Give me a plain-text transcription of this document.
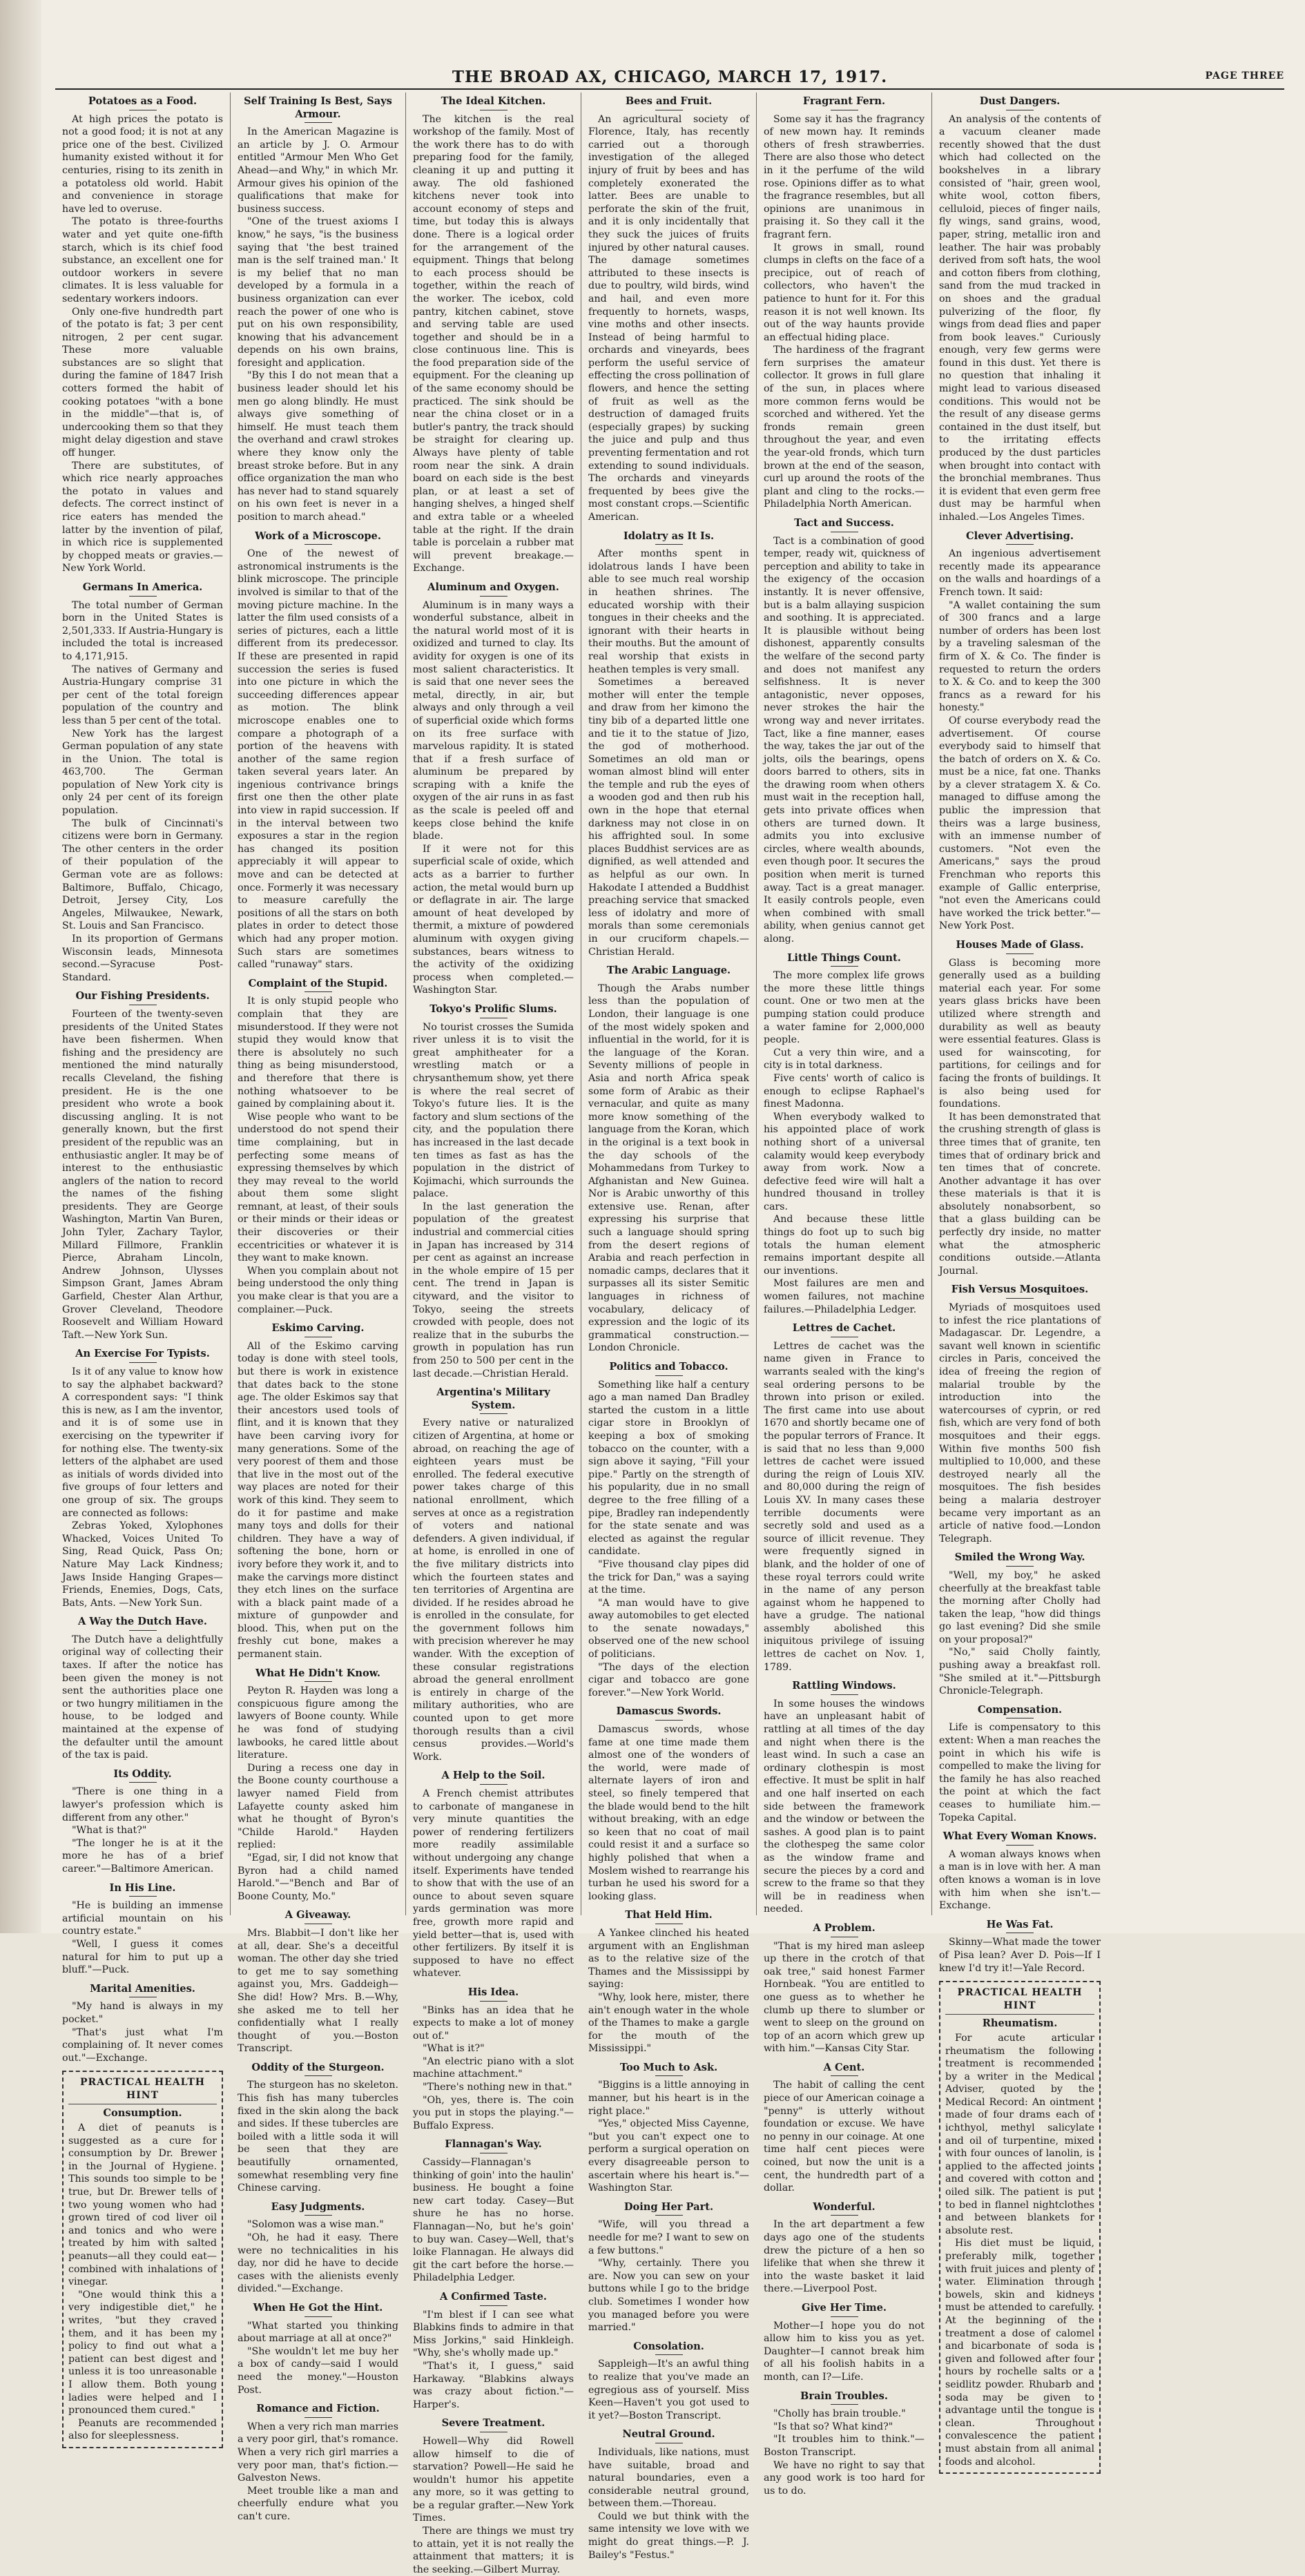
THE BROAD AX, CHICAGO, MARCH 17, 1917.	PAGE THREE
Potatoes as a Food.

At high prices the potato is not a good food; it is not at any price one of the best. Civilized humanity existed without it for centuries, rising to its zenith in a potatoless old world. Habit and convenience in storage have led to overuse.

The potato is three-fourths water and yet quite one-fifth starch, which is its chief food substance, an excellent one for outdoor workers in severe climates. It is less valuable for sedentary workers indoors.

Only one-five hundredth part of the potato is fat; 3 per cent nitrogen, 2 per cent sugar. These more valuable substances are so slight that during the famine of 1847 Irish cotters formed the habit of cooking potatoes "with a bone in the middle"—that is, of undercooking them so that they might delay digestion and stave off hunger.

There are substitutes, of which rice nearly approaches the potato in values and defects. The correct instinct of rice eaters has mended the latter by the invention of pilaf, in which rice is supplemented by chopped meats or gravies.—New York World.

Germans In America.

The total number of German born in the United States is 2,501,333. If Austria-Hungary is included the total is increased to 4,171,915.

The natives of Germany and Austria-Hungary comprise 31 per cent of the total foreign population of the country and less than 5 per cent of the total.

New York has the largest German population of any state in the Union. The total is 463,700. The German population of New York city is only 24 per cent of its foreign population.

The bulk of Cincinnati's citizens were born in Germany. The other centers in the order of their population of the German vote are as follows: Baltimore, Buffalo, Chicago, Detroit, Jersey City, Los Angeles, Milwaukee, Newark, St. Louis and San Francisco.

In its proportion of Germans Wisconsin leads, Minnesota second.—Syracuse Post-Standard.

Our Fishing Presidents.

Fourteen of the twenty-seven presidents of the United States have been fishermen. When fishing and the presidency are mentioned the mind naturally recalls Cleveland, the fishing president. He is the one president who wrote a book discussing angling. It is not generally known, but the first president of the republic was an enthusiastic angler. It may be of interest to the enthusiastic anglers of the nation to record the names of the fishing presidents. They are George Washington, Martin Van Buren, John Tyler, Zachary Taylor, Millard Fillmore, Franklin Pierce, Abraham Lincoln, Andrew Johnson, Ulysses Simpson Grant, James Abram Garfield, Chester Alan Arthur, Grover Cleveland, Theodore Roosevelt and William Howard Taft.—New York Sun.

An Exercise For Typists.

Is it of any value to know how to say the alphabet backward? A correspondent says: "I think this is new, as I am the inventor, and it is of some use in exercising on the typewriter if for nothing else. The twenty-six letters of the alphabet are used as initials of words divided into five groups of four letters and one group of six. The groups are connected as follows:

Zebras Yoked, Xylophones Whacked, Voices United To Sing, Read Quick, Pass On; Nature May Lack Kindness; Jaws Inside Hanging Grapes—Friends, Enemies, Dogs, Cats, Bats, Ants. —New York Sun.

A Way the Dutch Have.

The Dutch have a delightfully original way of collecting their taxes. If after the notice has been given the money is not sent the authorities place one or two hungry militiamen in the house, to be lodged and maintained at the expense of the defaulter until the amount of the tax is paid.

Its Oddity.

"There is one thing in a lawyer's profession which is different from any other."

"What is that?"

"The longer he is at it the more he has of a brief career."—Baltimore American.

In His Line.

"He is building an immense artificial mountain on his country estate."

"Well, I guess it comes natural for him to put up a bluff."—Puck.

Marital Amenities.

"My hand is always in my pocket."

"That's just what I'm complaining of. It never comes out."—Exchange.

PRACTICAL HEALTH HINT
Consumption.

A diet of peanuts is suggested as a cure for consumption by Dr. Brewer in the Journal of Hygiene. This sounds too simple to be true, but Dr. Brewer tells of two young women who had grown tired of cod liver oil and tonics and who were treated by him with salted peanuts—all they could eat—combined with inhalations of vinegar.

"One would think this a very indigestible diet," he writes, "but they craved them, and it has been my policy to find out what a patient can best digest and unless it is too unreasonable I allow them. Both young ladies were helped and I pronounced them cured."

Peanuts are recommended also for sleeplessness.

Self Training Is Best, Says Armour.

In the American Magazine is an article by J. O. Armour entitled "Armour Men Who Get Ahead—and Why," in which Mr. Armour gives his opinion of the qualifications that make for business success.

"One of the truest axioms I know," he says, "is the business saying that 'the best trained man is the self trained man.' It is my belief that no man developed by a formula in a business organization can ever reach the power of one who is put on his own responsibility, knowing that his advancement depends on his own brains, foresight and application.

"By this I do not mean that a business leader should let his men go along blindly. He must always give something of himself. He must teach them the overhand and crawl strokes where they know only the breast stroke before. But in any office organization the man who has never had to stand squarely on his own feet is never in a position to march ahead."

Work of a Microscope.

One of the newest of astronomical instruments is the blink microscope. The principle involved is similar to that of the moving picture machine. In the latter the film used consists of a series of pictures, each a little different from its predecessor. If these are presented in rapid succession the series is fused into one picture in which the succeeding differences appear as motion. The blink microscope enables one to compare a photograph of a portion of the heavens with another of the same region taken several years later. An ingenious contrivance brings first one then the other plate into view in rapid succession. If in the interval between two exposures a star in the region has changed its position appreciably it will appear to move and can be detected at once. Formerly it was necessary to measure carefully the positions of all the stars on both plates in order to detect those which had any proper motion. Such stars are sometimes called "runaway" stars.

Complaint of the Stupid.

It is only stupid people who complain that they are misunderstood. If they were not stupid they would know that there is absolutely no such thing as being misunderstood, and therefore that there is nothing whatsoever to be gained by complaining about it.

Wise people who want to be understood do not spend their time complaining, but in perfecting some means of expressing themselves by which they may reveal to the world about them some slight remnant, at least, of their souls or their minds or their ideas or their discoveries or their eccentricities or whatever it is they want to make known.

When you complain about not being understood the only thing you make clear is that you are a complainer.—Puck.

Eskimo Carving.

All of the Eskimo carving today is done with steel tools, but there is work in existence that dates back to the stone age. The older Eskimos say that their ancestors used tools of flint, and it is known that they have been carving ivory for many generations. Some of the very poorest of them and those that live in the most out of the way places are noted for their work of this kind. They seem to do it for pastime and make many toys and dolls for their children. They have a way of softening the bone, horn or ivory before they work it, and to make the carvings more distinct they etch lines on the surface with a black paint made of a mixture of gunpowder and blood. This, when put on the freshly cut bone, makes a permanent stain.

What He Didn't Know.

Peyton R. Hayden was long a conspicuous figure among the lawyers of Boone county. While he was fond of studying lawbooks, he cared little about literature.

During a recess one day in the Boone county courthouse a lawyer named Field from Lafayette county asked him what he thought of Byron's "Childe Harold." Hayden replied:

"Egad, sir, I did not know that Byron had a child named Harold."—"Bench and Bar of Boone County, Mo."

A Giveaway.

Mrs. Blabbit—I don't like her at all, dear. She's a deceitful woman. The other day she tried to get me to say something against you, Mrs. Gaddeigh—She did! How? Mrs. B.—Why, she asked me to tell her confidentially what I really thought of you.—Boston Transcript.

Oddity of the Sturgeon.

The sturgeon has no skeleton. This fish has many tubercles fixed in the skin along the back and sides. If these tubercles are boiled with a little soda it will be seen that they are beautifully ornamented, somewhat resembling very fine Chinese carving.

Easy Judgments.

"Solomon was a wise man."

"Oh, he had it easy. There were no technicalities in his day, nor did he have to decide cases with the alienists evenly divided."—Exchange.

When He Got the Hint.

"What started you thinking about marriage at all at once?"

"She wouldn't let me buy her a box of candy—said I would need the money."—Houston Post.

Romance and Fiction.

When a very rich man marries a very poor girl, that's romance. When a very rich girl marries a very poor man, that's fiction.—Galveston News.

Meet trouble like a man and cheerfully endure what you can't cure.

The Ideal Kitchen.

The kitchen is the real workshop of the family. Most of the work there has to do with preparing food for the family, cleaning it up and putting it away. The old fashioned kitchens never took into account economy of steps and time, but today this is always done. There is a logical order for the arrangement of the equipment. Things that belong to each process should be together, within the reach of the worker. The icebox, cold pantry, kitchen cabinet, stove and serving table are used together and should be in a close continuous line. This is the food preparation side of the equipment. For the cleaning up of the same economy should be practiced. The sink should be near the china closet or in a butler's pantry, the track should be straight for clearing up. Always have plenty of table room near the sink. A drain board on each side is the best plan, or at least a set of hanging shelves, a hinged shelf and extra table or a wheeled table at the right. If the drain table is porcelain a rubber mat will prevent breakage.—Exchange.

Aluminum and Oxygen.

Aluminum is in many ways a wonderful substance, albeit in the natural world most of it is oxidized and turned to clay. Its avidity for oxygen is one of its most salient characteristics. It is said that one never sees the metal, directly, in air, but always and only through a veil of superficial oxide which forms on its free surface with marvelous rapidity. It is stated that if a fresh surface of aluminum be prepared by scraping with a knife the oxygen of the air runs in as fast as the scale is peeled off and keeps close behind the knife blade.

If it were not for this superficial scale of oxide, which acts as a barrier to further action, the metal would burn up or deflagrate in air. The large amount of heat developed by thermit, a mixture of powdered aluminum with oxygen giving substances, bears witness to the activity of the oxidizing process when completed.—Washington Star.

Tokyo's Prolific Slums.

No tourist crosses the Sumida river unless it is to visit the great amphitheater for a wrestling match or a chrysanthemum show, yet there is where the real secret of Tokyo's future lies. It is the factory and slum sections of the city, and the population there has increased in the last decade ten times as fast as has the population in the district of Kojimachi, which surrounds the palace.

In the last generation the population of the greatest industrial and commercial cities in Japan has increased by 314 per cent as against an increase in the whole empire of 15 per cent. The trend in Japan is cityward, and the visitor to Tokyo, seeing the streets crowded with people, does not realize that in the suburbs the growth in population has run from 250 to 500 per cent in the last decade.—Christian Herald.

Argentina's Military System.

Every native or naturalized citizen of Argentina, at home or abroad, on reaching the age of eighteen years must be enrolled. The federal executive power takes charge of this national enrollment, which serves at once as a registration of voters and national defenders. A given individual, if at home, is enrolled in one of the five military districts into which the fourteen states and ten territories of Argentina are divided. If he resides abroad he is enrolled in the consulate, for the government follows him with precision wherever he may wander. With the exception of these consular registrations abroad the general enrollment is entirely in charge of the military authorities, who are counted upon to get more thorough results than a civil census provides.—World's Work.

A Help to the Soil.

A French chemist attributes to carbonate of manganese in very minute quantities the power of rendering fertilizers more readily assimilable without undergoing any change itself. Experiments have tended to show that with the use of an ounce to about seven square yards germination was more free, growth more rapid and yield better—that is, used with other fertilizers. By itself it is supposed to have no effect whatever.

His Idea.

"Binks has an idea that he expects to make a lot of money out of."

"What is it?"

"An electric piano with a slot machine attachment."

"There's nothing new in that."

"Oh, yes, there is. The coin you put in stops the playing."—Buffalo Express.

Flannagan's Way.

Cassidy—Flannagan's thinking of goin' into the haulin' business. He bought a foine new cart today. Casey—But shure he has no horse. Flannagan—No, but he's goin' to buy wan. Casey—Well, that's loike Flannagan. He always did git the cart before the horse.—Philadelphia Ledger.

A Confirmed Taste.

"I'm blest if I can see what Blabkins finds to admire in that Miss Jorkins," said Hinkleigh. "Why, she's wholly made up."

"That's it, I guess," said Harkaway. "Blabkins always was crazy about fiction."—Harper's.

Severe Treatment.

Howell—Why did Rowell allow himself to die of starvation? Powell—He said he wouldn't humor his appetite any more, so it was getting to be a regular grafter.—New York Times.

There are things we must try to attain, yet it is not really the attainment that matters; it is the seeking.—Gilbert Murray.

Bees and Fruit.

An agricultural society of Florence, Italy, has recently carried out a thorough investigation of the alleged injury of fruit by bees and has completely exonerated the latter. Bees are unable to perforate the skin of the fruit, and it is only incidentally that they suck the juices of fruits injured by other natural causes. The damage sometimes attributed to these insects is due to poultry, wild birds, wind and hail, and even more frequently to hornets, wasps, vine moths and other insects. Instead of being harmful to orchards and vineyards, bees perform the useful service of effecting the cross pollination of flowers, and hence the setting of fruit as well as the destruction of damaged fruits (especially grapes) by sucking the juice and pulp and thus preventing fermentation and rot extending to sound individuals. The orchards and vineyards frequented by bees give the most constant crops.—Scientific American.

Idolatry as It Is.

After months spent in idolatrous lands I have been able to see much real worship in heathen shrines. The educated worship with their tongues in their cheeks and the ignorant with their hearts in their mouths. But the amount of real worship that exists in heathen temples is very small.

Sometimes a bereaved mother will enter the temple and draw from her kimono the tiny bib of a departed little one and tie it to the statue of Jizo, the god of motherhood. Sometimes an old man or woman almost blind will enter the temple and rub the eyes of a wooden god and then rub his own in the hope that eternal darkness may not close in on his affrighted soul. In some places Buddhist services are as dignified, as well attended and as helpful as our own. In Hakodate I attended a Buddhist preaching service that smacked less of idolatry and more of morals than some ceremonials in our cruciform chapels.—Christian Herald.

The Arabic Language.

Though the Arabs number less than the population of London, their language is one of the most widely spoken and influential in the world, for it is the language of the Koran. Seventy millions of people in Asia and north Africa speak some form of Arabic as their vernacular, and quite as many more know something of the language from the Koran, which in the original is a text book in the day schools of the Mohammedans from Turkey to Afghanistan and New Guinea. Nor is Arabic unworthy of this extensive use. Renan, after expressing his surprise that such a language should spring from the desert regions of Arabia and reach perfection in nomadic camps, declares that it surpasses all its sister Semitic languages in richness of vocabulary, delicacy of expression and the logic of its grammatical construction.—London Chronicle.

Politics and Tobacco.

Something like half a century ago a man named Dan Bradley started the custom in a little cigar store in Brooklyn of keeping a box of smoking tobacco on the counter, with a sign above it saying, "Fill your pipe." Partly on the strength of his popularity, due in no small degree to the free filling of a pipe, Bradley ran independently for the state senate and was elected as against the regular candidate.

"Five thousand clay pipes did the trick for Dan," was a saying at the time.

"A man would have to give away automobiles to get elected to the senate nowadays," observed one of the new school of politicians.

"The days of the election cigar and tobacco are gone forever."—New York World.

Damascus Swords.

Damascus swords, whose fame at one time made them almost one of the wonders of the world, were made of alternate layers of iron and steel, so finely tempered that the blade would bend to the hilt without breaking, with an edge so keen that no coat of mail could resist it and a surface so highly polished that when a Moslem wished to rearrange his turban he used his sword for a looking glass.

That Held Him.

A Yankee clinched his heated argument with an Englishman as to the relative size of the Thames and the Mississippi by saying:

"Why, look here, mister, there ain't enough water in the whole of the Thames to make a gargle for the mouth of the Mississippi."

Too Much to Ask.

"Biggins is a little annoying in manner, but his heart is in the right place."

"Yes," objected Miss Cayenne, "but you can't expect one to perform a surgical operation on every disagreeable person to ascertain where his heart is."—Washington Star.

Doing Her Part.

"Wife, will you thread a needle for me? I want to sew on a few buttons."

"Why, certainly. There you are. Now you can sew on your buttons while I go to the bridge club. Sometimes I wonder how you managed before you were married."

Consolation.

Sappleigh—It's an awful thing to realize that you've made an egregious ass of yourself. Miss Keen—Haven't you got used to it yet?—Boston Transcript.

Neutral Ground.

Individuals, like nations, must have suitable, broad and natural boundaries, even a considerable neutral ground, between them.—Thoreau.

Could we but think with the same intensity we love with we might do great things.—P. J. Bailey's "Festus."

Fragrant Fern.

Some say it has the fragrancy of new mown hay. It reminds others of fresh strawberries. There are also those who detect in it the perfume of the wild rose. Opinions differ as to what the fragrance resembles, but all opinions are unanimous in praising it. So they call it the fragrant fern.

It grows in small, round clumps in clefts on the face of a precipice, out of reach of collectors, who haven't the patience to hunt for it. For this reason it is not well known. Its out of the way haunts provide an effectual hiding place.

The hardiness of the fragrant fern surprises the amateur collector. It grows in full glare of the sun, in places where more common ferns would be scorched and withered. Yet the fronds remain green throughout the year, and even the year-old fronds, which turn brown at the end of the season, curl up around the roots of the plant and cling to the rocks.—Philadelphia North American.

Tact and Success.

Tact is a combination of good temper, ready wit, quickness of perception and ability to take in the exigency of the occasion instantly. It is never offensive, but is a balm allaying suspicion and soothing. It is appreciated. It is plausible without being dishonest, apparently consults the welfare of the second party and does not manifest any selfishness. It is never antagonistic, never opposes, never strokes the hair the wrong way and never irritates. Tact, like a fine manner, eases the way, takes the jar out of the jolts, oils the bearings, opens doors barred to others, sits in the drawing room when others must wait in the reception hall, gets into private offices when others are turned down. It admits you into exclusive circles, where wealth abounds, even though poor. It secures the position when merit is turned away. Tact is a great manager. It easily controls people, even when combined with small ability, when genius cannot get along.

Little Things Count.

The more complex life grows the more these little things count. One or two men at the pumping station could produce a water famine for 2,000,000 people.

Cut a very thin wire, and a city is in total darkness.

Five cents' worth of calico is enough to eclipse Raphael's finest Madonna.

When everybody walked to his appointed place of work nothing short of a universal calamity would keep everybody away from work. Now a defective feed wire will halt a hundred thousand in trolley cars.

And because these little things do foot up to such big totals the human element remains important despite all our inventions.

Most failures are men and women failures, not machine failures.—Philadelphia Ledger.

Lettres de Cachet.

Lettres de cachet was the name given in France to warrants sealed with the king's seal ordering persons to be thrown into prison or exiled. The first came into use about 1670 and shortly became one of the popular terrors of France. It is said that no less than 9,000 lettres de cachet were issued during the reign of Louis XIV. and 80,000 during the reign of Louis XV. In many cases these terrible documents were secretly sold and used as a source of illicit revenue. They were frequently signed in blank, and the holder of one of these royal terrors could write in the name of any person against whom he happened to have a grudge. The national assembly abolished this iniquitous privilege of issuing lettres de cachet on Nov. 1, 1789.

Rattling Windows.

In some houses the windows have an unpleasant habit of rattling at all times of the day and night when there is the least wind. In such a case an ordinary clothespin is most effective. It must be split in half and one half inserted on each side between the framework and the window or between the sashes. A good plan is to paint the clothespeg the same color as the window frame and secure the pieces by a cord and screw to the frame so that they will be in readiness when needed.

A Problem.

"That is my hired man asleep up there in the crotch of that oak tree," said honest Farmer Hornbeak. "You are entitled to one guess as to whether he clumb up there to slumber or went to sleep on the ground on top of an acorn which grew up with him."—Kansas City Star.

A Cent.

The habit of calling the cent piece of our American coinage a "penny" is utterly without foundation or excuse. We have no penny in our coinage. At one time half cent pieces were coined, but now the unit is a cent, the hundredth part of a dollar.

Wonderful.

In the art department a few days ago one of the students drew the picture of a hen so lifelike that when she threw it into the waste basket it laid there.—Liverpool Post.

Give Her Time.

Mother—I hope you do not allow him to kiss you as yet. Daughter—I cannot break him of all his foolish habits in a month, can I?—Life.

Brain Troubles.

"Cholly has brain trouble."

"Is that so? What kind?"

"It troubles him to think."—Boston Transcript.

We have no right to say that any good work is too hard for us to do.

Dust Dangers.

An analysis of the contents of a vacuum cleaner made recently showed that the dust which had collected on the bookshelves in a library consisted of "hair, green wool, white wool, cotton fibers, celluloid, pieces of finger nails, fly wings, sand grains, wood, paper, string, metallic iron and leather. The hair was probably derived from soft hats, the wool and cotton fibers from clothing, sand from the mud tracked in on shoes and the gradual pulverizing of the floor, fly wings from dead flies and paper from book leaves." Curiously enough, very few germs were found in this dust. Yet there is no question that inhaling it might lead to various diseased conditions. This would not be the result of any disease germs contained in the dust itself, but to the irritating effects produced by the dust particles when brought into contact with the bronchial membranes. Thus it is evident that even germ free dust may be harmful when inhaled.—Los Angeles Times.

Clever Advertising.

An ingenious advertisement recently made its appearance on the walls and hoardings of a French town. It said:

"A wallet containing the sum of 300 francs and a large number of orders has been lost by a traveling salesman of the firm of X. & Co. The finder is requested to return the orders to X. & Co. and to keep the 300 francs as a reward for his honesty."

Of course everybody read the advertisement. Of course everybody said to himself that the batch of orders on X. & Co. must be a nice, fat one. Thanks by a clever stratagem X. & Co. managed to diffuse among the public the impression that theirs was a large business, with an immense number of customers. "Not even the Americans," says the proud Frenchman who reports this example of Gallic enterprise, "not even the Americans could have worked the trick better."—New York Post.

Houses Made of Glass.

Glass is becoming more generally used as a building material each year. For some years glass bricks have been utilized where strength and durability as well as beauty were essential features. Glass is used for wainscoting, for partitions, for ceilings and for facing the fronts of buildings. It is also being used for foundations.

It has been demonstrated that the crushing strength of glass is three times that of granite, ten times that of ordinary brick and ten times that of concrete. Another advantage it has over these materials is that it is absolutely nonabsorbent, so that a glass building can be perfectly dry inside, no matter what the atmospheric conditions outside.—Atlanta Journal.

Fish Versus Mosquitoes.

Myriads of mosquitoes used to infest the rice plantations of Madagascar. Dr. Legendre, a savant well known in scientific circles in Paris, conceived the idea of freeing the region of malarial trouble by the introduction into the watercourses of cyprin, or red fish, which are very fond of both mosquitoes and their eggs. Within five months 500 fish multiplied to 10,000, and these destroyed nearly all the mosquitoes. The fish besides being a malaria destroyer became very important as an article of native food.—London Telegraph.

Smiled the Wrong Way.

"Well, my boy," he asked cheerfully at the breakfast table the morning after Cholly had taken the leap, "how did things go last evening? Did she smile on your proposal?"

"No," said Cholly faintly, pushing away a breakfast roll. "She smiled at it."—Pittsburgh Chronicle-Telegraph.

Compensation.

Life is compensatory to this extent: When a man reaches the point in which his wife is compelled to make the living for the family he has also reached the point at which the fact ceases to humiliate him.—Topeka Capital.

What Every Woman Knows.

A woman always knows when a man is in love with her. A man often knows a woman is in love with him when she isn't.—Exchange.

He Was Fat.

Skinny—What made the tower of Pisa lean? Aver D. Pois—If I knew I'd try it!—Yale Record.

PRACTICAL HEALTH HINT
Rheumatism.

For acute articular rheumatism the following treatment is recommended by a writer in the Medical Adviser, quoted by the Medical Record: An ointment made of four drams each of ichthyol, methyl salicylate and oil of turpentine, mixed with four ounces of lanolin, is applied to the affected joints and covered with cotton and oiled silk. The patient is put to bed in flannel nightclothes and between blankets for absolute rest.

His diet must be liquid, preferably milk, together with fruit juices and plenty of water. Elimination through bowels, skin and kidneys must be attended to carefully. At the beginning of the treatment a dose of calomel and bicarbonate of soda is given and followed after four hours by rochelle salts or a seidlitz powder. Rhubarb and soda may be given to advantage until the tongue is clean. Throughout convalescence the patient must abstain from all animal foods and alcohol.
